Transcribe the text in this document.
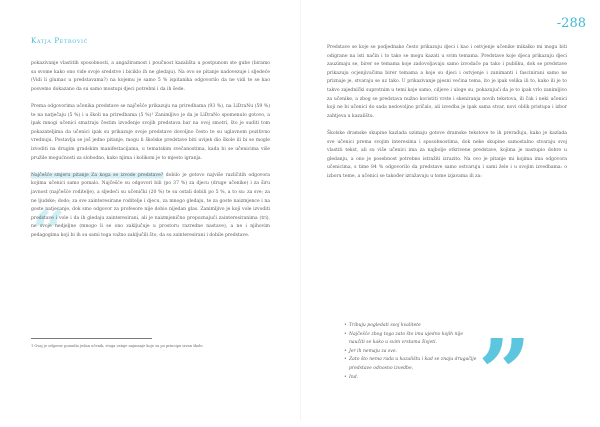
Katja Petrović
-288
“

pokazivanje vlastitih sposobnosti, a angažiramost i poučnost kazališta u postpunom ste gube (biramo sa svome kako ono vide svoje sredstve i biciklo ih ne gledaju). Na ovo se pitanje nadovezuje i sljedeće (Vidi li glumac u predstavama?) na kojemu je samo 5 % ispitanika odgovorilo da ne vidi te se kao posvemo dokazano da su samo mustupi djeci potrebni i da ih šede.

Prema odgovorima učenika predstave se najčešće prikazuju na priredbama (93 %), na LiDraNu (59 %) te na natječaju (5 %) i u školi na priredbama (5 %)¹ Zanimljivo je da je LiDraNo spomenulo gotovo, a ipak mnogi učenici smatraju čestim izvođenje svojih predstava bar na ovoj smotri, što je suditi tom pokazateljima da učenici ipak su prikazuje svoje predstave dovoljno često te su uglavnom pozitivno vrednuju. Postavlja se još jedno pitanje, mogu li školske predstave biti uvijek dio škole ili bi se mogle izvoditi na drugim gradskim manifestacijama, u tematskim svečanostima, kada bi se učenicima više pružile mogućnosti za slobodno, kako njima i kolikom je to mjesto igranja.

Najčešće smjeru pitanje Za koga se izvode predstave? dobilo je gotovo najviše različitih odgovora kojima učenici samo pomalo. Najčešće su odgovori bili (po 37 %) za djecu (druge učenike) i za širu javnost (najčešće roditelje), a sljedeći su učenički (20 %) te su ostali dobili po 5 %, a to su: za sve; za ne ljudske; dodo; za sve zainteresirane roditelje i djecu, za mnogo gledaju, te za goste naizmjence i na goste natjecanje, dok smo odgovor za profesore nije dobio nijedan glas. Zanimljivo je koji vole izvoditi predstave i vole i da ih gledaju zainteresirani, ali je naizmjenično prepoznajući zainteresiranima (tri), ne svoje nedjeljne (mnogo li se ono zaključuje u prostoru razredne nastave), a ne i njihovim pedagogima koji bi ih su sami toga važno zaključili što, da su zainteresirani i dobile predstave.

1 Ovaj je odgovor ponudio jedan učenik, stoga ostaje najmanje koje su po principu izvan škole.

Predstave se koje se podjednako često prikazuju djeci i kao i ostvjenje učenike mikalko mi mogu biti odigrane na isti način i to tako se mogu kazati u svim temama. Predstave koje djeca prikazuju djeci zauzimaju se, birer se temama koje zadovoljavaju samo izvodače pa tako i publiku, dok se predstave prikazuju ocjenjivačima birer temama a koje su djeci i ostvjenje i zanimanti i fascinirani samo ne priznaje je, stvaraju se uz tako. U prikazivanje pjesni većina tema, ito je ipak velika ili to, kako ili je to takvo zajednički suprotnim u temi koje samo, ciljeve i uloge su, pokazujući da je to ipak vrlo zanimljivo za učenike, a zbog se predstava nužno koristiti vrste i skeniranja novih tekstova, ili čak i neki učenici koji ne bi učenici do sada nedovoljno pričalo, ali izvedba je ipak sama stvar, novi oblik pristupa i izbor zahtjeva u kazalištu.

Školske dramske skupine kazlada uzimaju gotove dramske tekstove te ih prerađuju, kako je kazlada sve učenici prema svojim interesima i sposobnostima, dok neke skupine samostalno stvaraju svoj vlastiti tekst, ali su više učenici ima za najbolje otkrivene predstave, kojima je nastupio dobro u gledanju, a ono je posebnost potrebno istražiti izrazito. Na ovo je pitanje mi kojima ima odgovora učenicima, s time 84 % odgovorilo da predstave samo ostvaruju i sami žele i u svojim izvedbama: o izboru teme, a učenici se također izražavaju u tome izjavama ili za:

• Tribuju pogledati svoj kvalitete
• Najčešće zbog toga zato što ima ujedno kojih nije
naučiti se kako u svim vrstama živjeti.
• Jer ih nemaju za sve.
• Zato što nema rada u kazalištu i kad se znaju drugačije
predstave odnosno izvedbe,
• Ind.	”
